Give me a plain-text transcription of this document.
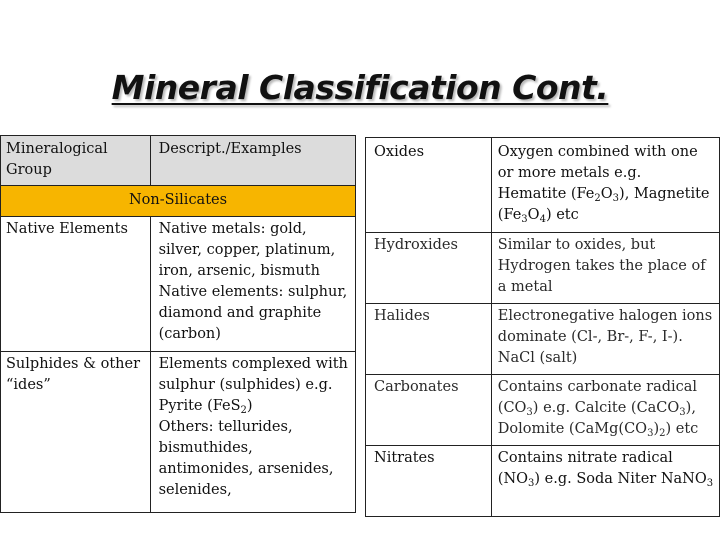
Mineral Classification Cont.
Mineralogical Group	Descript./Examples
Non-Silicates	
Native Elements	Native metals: gold, silver, copper, platinum, iron, arsenic, bismuth
Native elements: sulphur, diamond and graphite (carbon)

Sulphides & other “ides”	Elements complexed with sulphur (sulphides) e.g. Pyrite (FeS$_2$)
Others: tellurides, bismuthides, antimonides, arsenides, selenides,
Oxides	Oxygen combined with one or more metals e.g. Hematite $(Fe_2O_3)$, Magnetite $(Fe_3O_4)$ etc
Hydroxides	Similar to oxides, but Hydrogen takes the place of a metal
Halides	Electronegative halogen ions dominate (Cl-, Br-, F-, I-). NaCl (salt)
Carbonates	Contains carbonate radical $(CO_3)$ e.g. Calcite (CaCO$_3$), Dolomite $(CaMg(CO_3)_2)$ etc
Nitrates	Contains nitrate radical $(NO_3)$ e.g. Soda Niter NaNO$_3$
